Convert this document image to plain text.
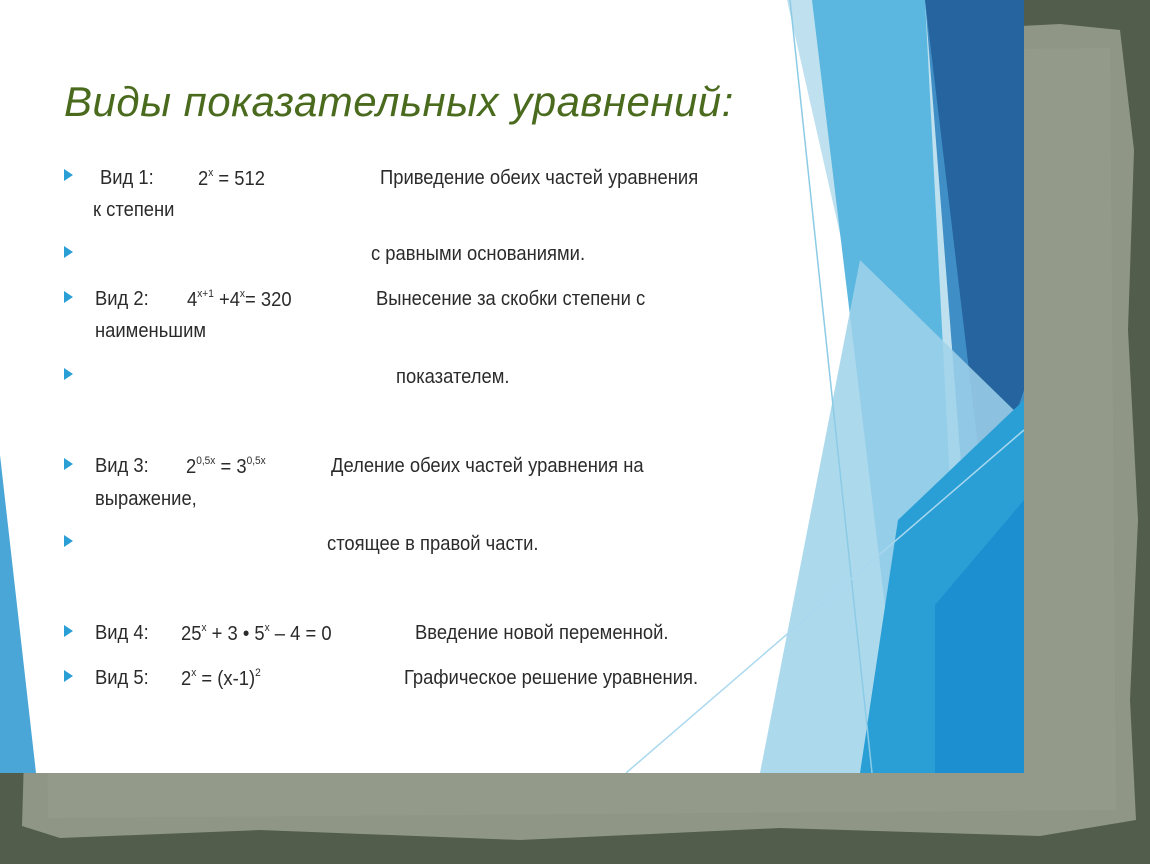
Виды показательных уравнений:
Вид 1: $2^x = 512$	Приведение обеих частей уравнения
к степени
с равными основаниями.
Вид 2: $4^{x+1} +4^x= 320$	Вынесение за скобки степени с
наименьшим
показателем.
Вид 3: $2^{0,5x} = 3^{0,5x}$	Деление обеих частей уравнения на
выражение,
стоящее в правой части.
Вид 4: $25^x + 3$ • 5$^x$ – 4 = 0	Введение новой переменной.
Вид 5: $2^x = (x-1)^2$	Графическое решение уравнения.
